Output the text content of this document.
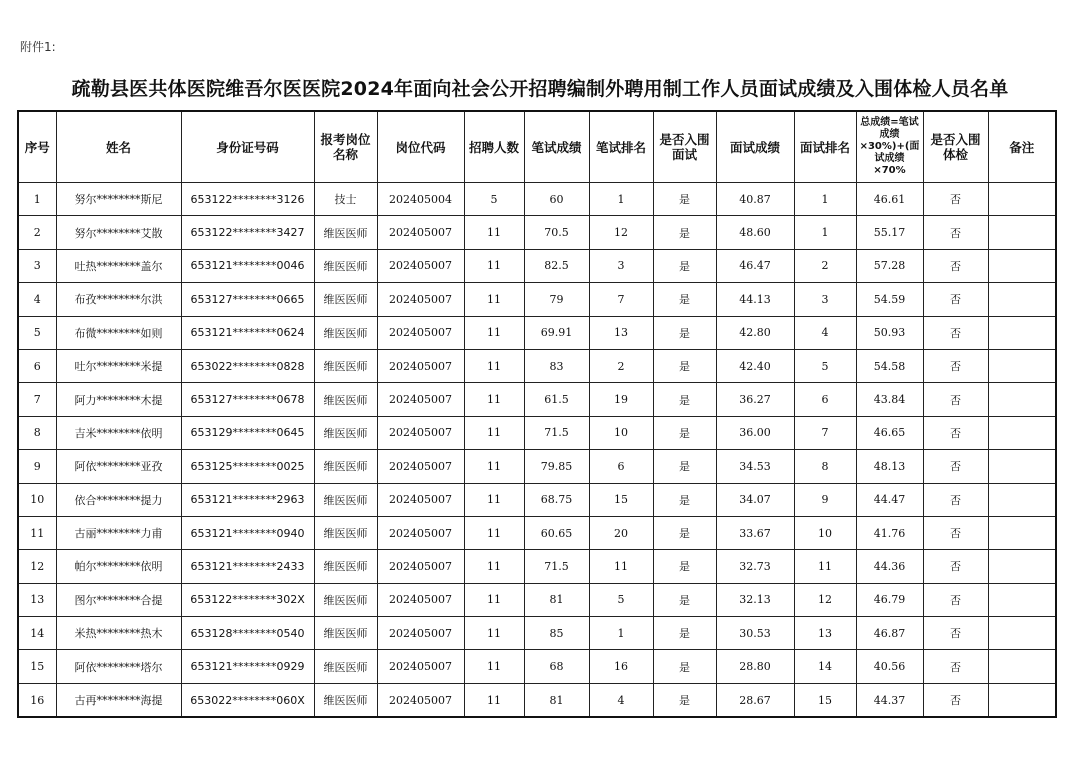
附件1:
疏勒县医共体医院维吾尔医医院2024年面向社会公开招聘编制外聘用制工作人员面试成绩及入围体检人员名单
序号	姓名	身份证号码	报考岗位名称	岗位代码	招聘人数	笔试成绩	笔试排名	是否入围面试	面试成绩	面试排名	总成绩=笔试成绩×30%)+(面试成绩×70%	是否入围体检	备注
1	努尔********斯尼	653122********3126	技士	202405004	5	60	1	是	40.87	1	46.61	否	
2	努尔********艾散	653122********3427	维医医师	202405007	11	70.5	12	是	48.60	1	55.17	否	
3	吐热********盖尔	653121********0046	维医医师	202405007	11	82.5	3	是	46.47	2	57.28	否	
4	布孜********尔洪	653127********0665	维医医师	202405007	11	79	7	是	44.13	3	54.59	否	
5	布微********如则	653121********0624	维医医师	202405007	11	69.91	13	是	42.80	4	50.93	否	
6	吐尔********米提	653022********0828	维医医师	202405007	11	83	2	是	42.40	5	54.58	否	
7	阿力********木提	653127********0678	维医医师	202405007	11	61.5	19	是	36.27	6	43.84	否	
8	吉米********依明	653129********0645	维医医师	202405007	11	71.5	10	是	36.00	7	46.65	否	
9	阿依********亚孜	653125********0025	维医医师	202405007	11	79.85	6	是	34.53	8	48.13	否	
10	依合********提力	653121********2963	维医医师	202405007	11	68.75	15	是	34.07	9	44.47	否	
11	古丽********力甫	653121********0940	维医医师	202405007	11	60.65	20	是	33.67	10	41.76	否	
12	帕尔********依明	653121********2433	维医医师	202405007	11	71.5	11	是	32.73	11	44.36	否	
13	图尔********合提	653122********302X	维医医师	202405007	11	81	5	是	32.13	12	46.79	否	
14	米热********热木	653128********0540	维医医师	202405007	11	85	1	是	30.53	13	46.87	否	
15	阿依********塔尔	653121********0929	维医医师	202405007	11	68	16	是	28.80	14	40.56	否	
16	古再********海提	653022********060X	维医医师	202405007	11	81	4	是	28.67	15	44.37	否	
